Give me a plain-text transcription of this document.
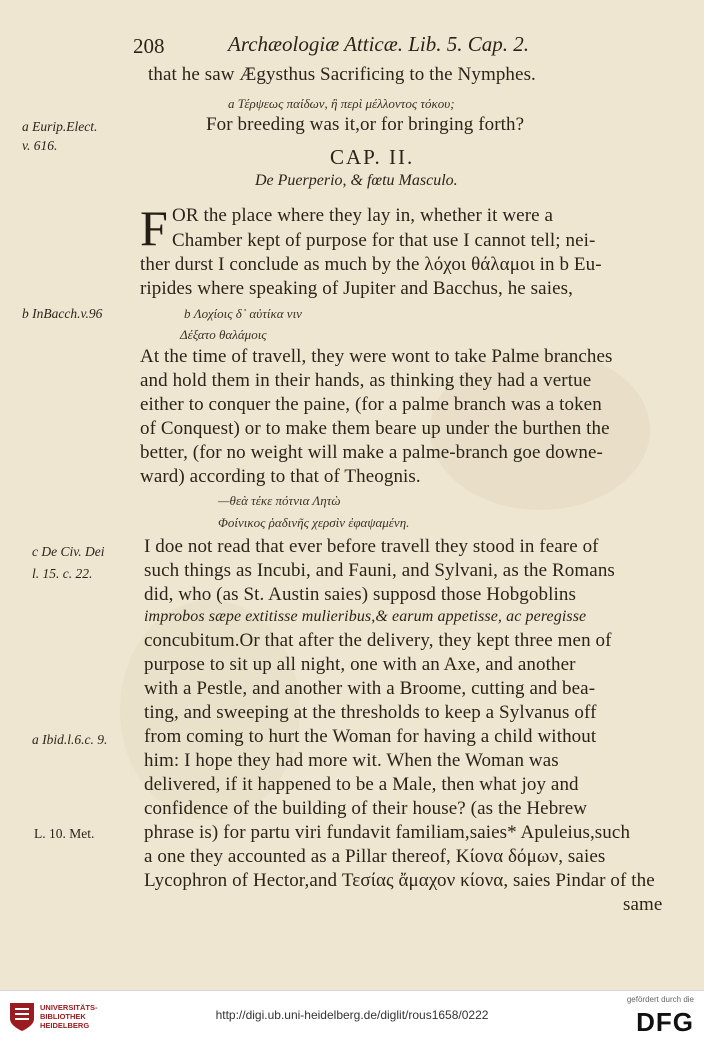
208	Archæologiæ Atticæ. Lib. 5. Cap. 2.
that he saw Ægysthus Sacrificing to the Nymphes.
a Τέρψεως παίδων, ἢ περὶ μέλλοντος τόκου;
a Eurip.Elect.	For breeding was it,or for bringing forth?
v. 616.	CAP. II.
De Puerperio, & fœtu Masculo.
F OR the place where they lay in, whether it were a
Chamber kept of purpose for that use I cannot tell; nei-
ther durst I conclude as much by the λόχοι θάλαμοι in b Eu-
ripides where speaking of Jupiter and Bacchus, he saies,
b InBacch.v.96	b Λοχίοις δ᾽ αὐτίκα νιν
Δέξατο θαλάμοις
At the time of travell, they were wont to take Palme branches
and hold them in their hands, as thinking they had a vertue
either to conquer the paine, (for a palme branch was a token
of Conquest) or to make them beare up under the burthen the
better, (for no weight will make a palme-branch goe downe-
ward) according to that of Theognis.
—θεὰ τέκε πότνια Λητὼ
Φοίνικος ῥαδινῆς χερσὶν ἐφαψαμένη.
c De Civ. Dei
l. 15. c. 22.
I doe not read that ever before travell they stood in feare of
such things as Incubi, and Fauni, and Sylvani, as the Romans
did, who (as St. Austin saies) supposd those Hobgoblins
improbos sæpe extitisse mulieribus,& earum appetisse, ac peregisse
concubitum.Or that after the delivery, they kept three men of
purpose to sit up all night, one with an Axe, and another
with a Pestle, and another with a Broome, cutting and bea-
ting, and sweeping at the thresholds to keep a Sylvanus off
a Ibid.l.6.c. 9. from coming to hurt the Woman for having a child without
him: I hope they had more wit. When the Woman was
delivered, if it happened to be a Male, then what joy and
confidence of the building of their house? (as the Hebrew
L. 10. Met.	phrase is) for partu viri fundavit familiam,saies* Apuleius,such
a one they accounted as a Pillar thereof, Κίονα δόμων, saies
Lycophron of Hector,and Τεσίας ἄμαχον κίονα, saies Pindar of the
same
UNIVERSITÄTS-
BIBLIOTHEK
HEIDELBERG
http://digi.ub.uni-heidelberg.de/diglit/rous1658/0222
gefördert durch die
DFG
